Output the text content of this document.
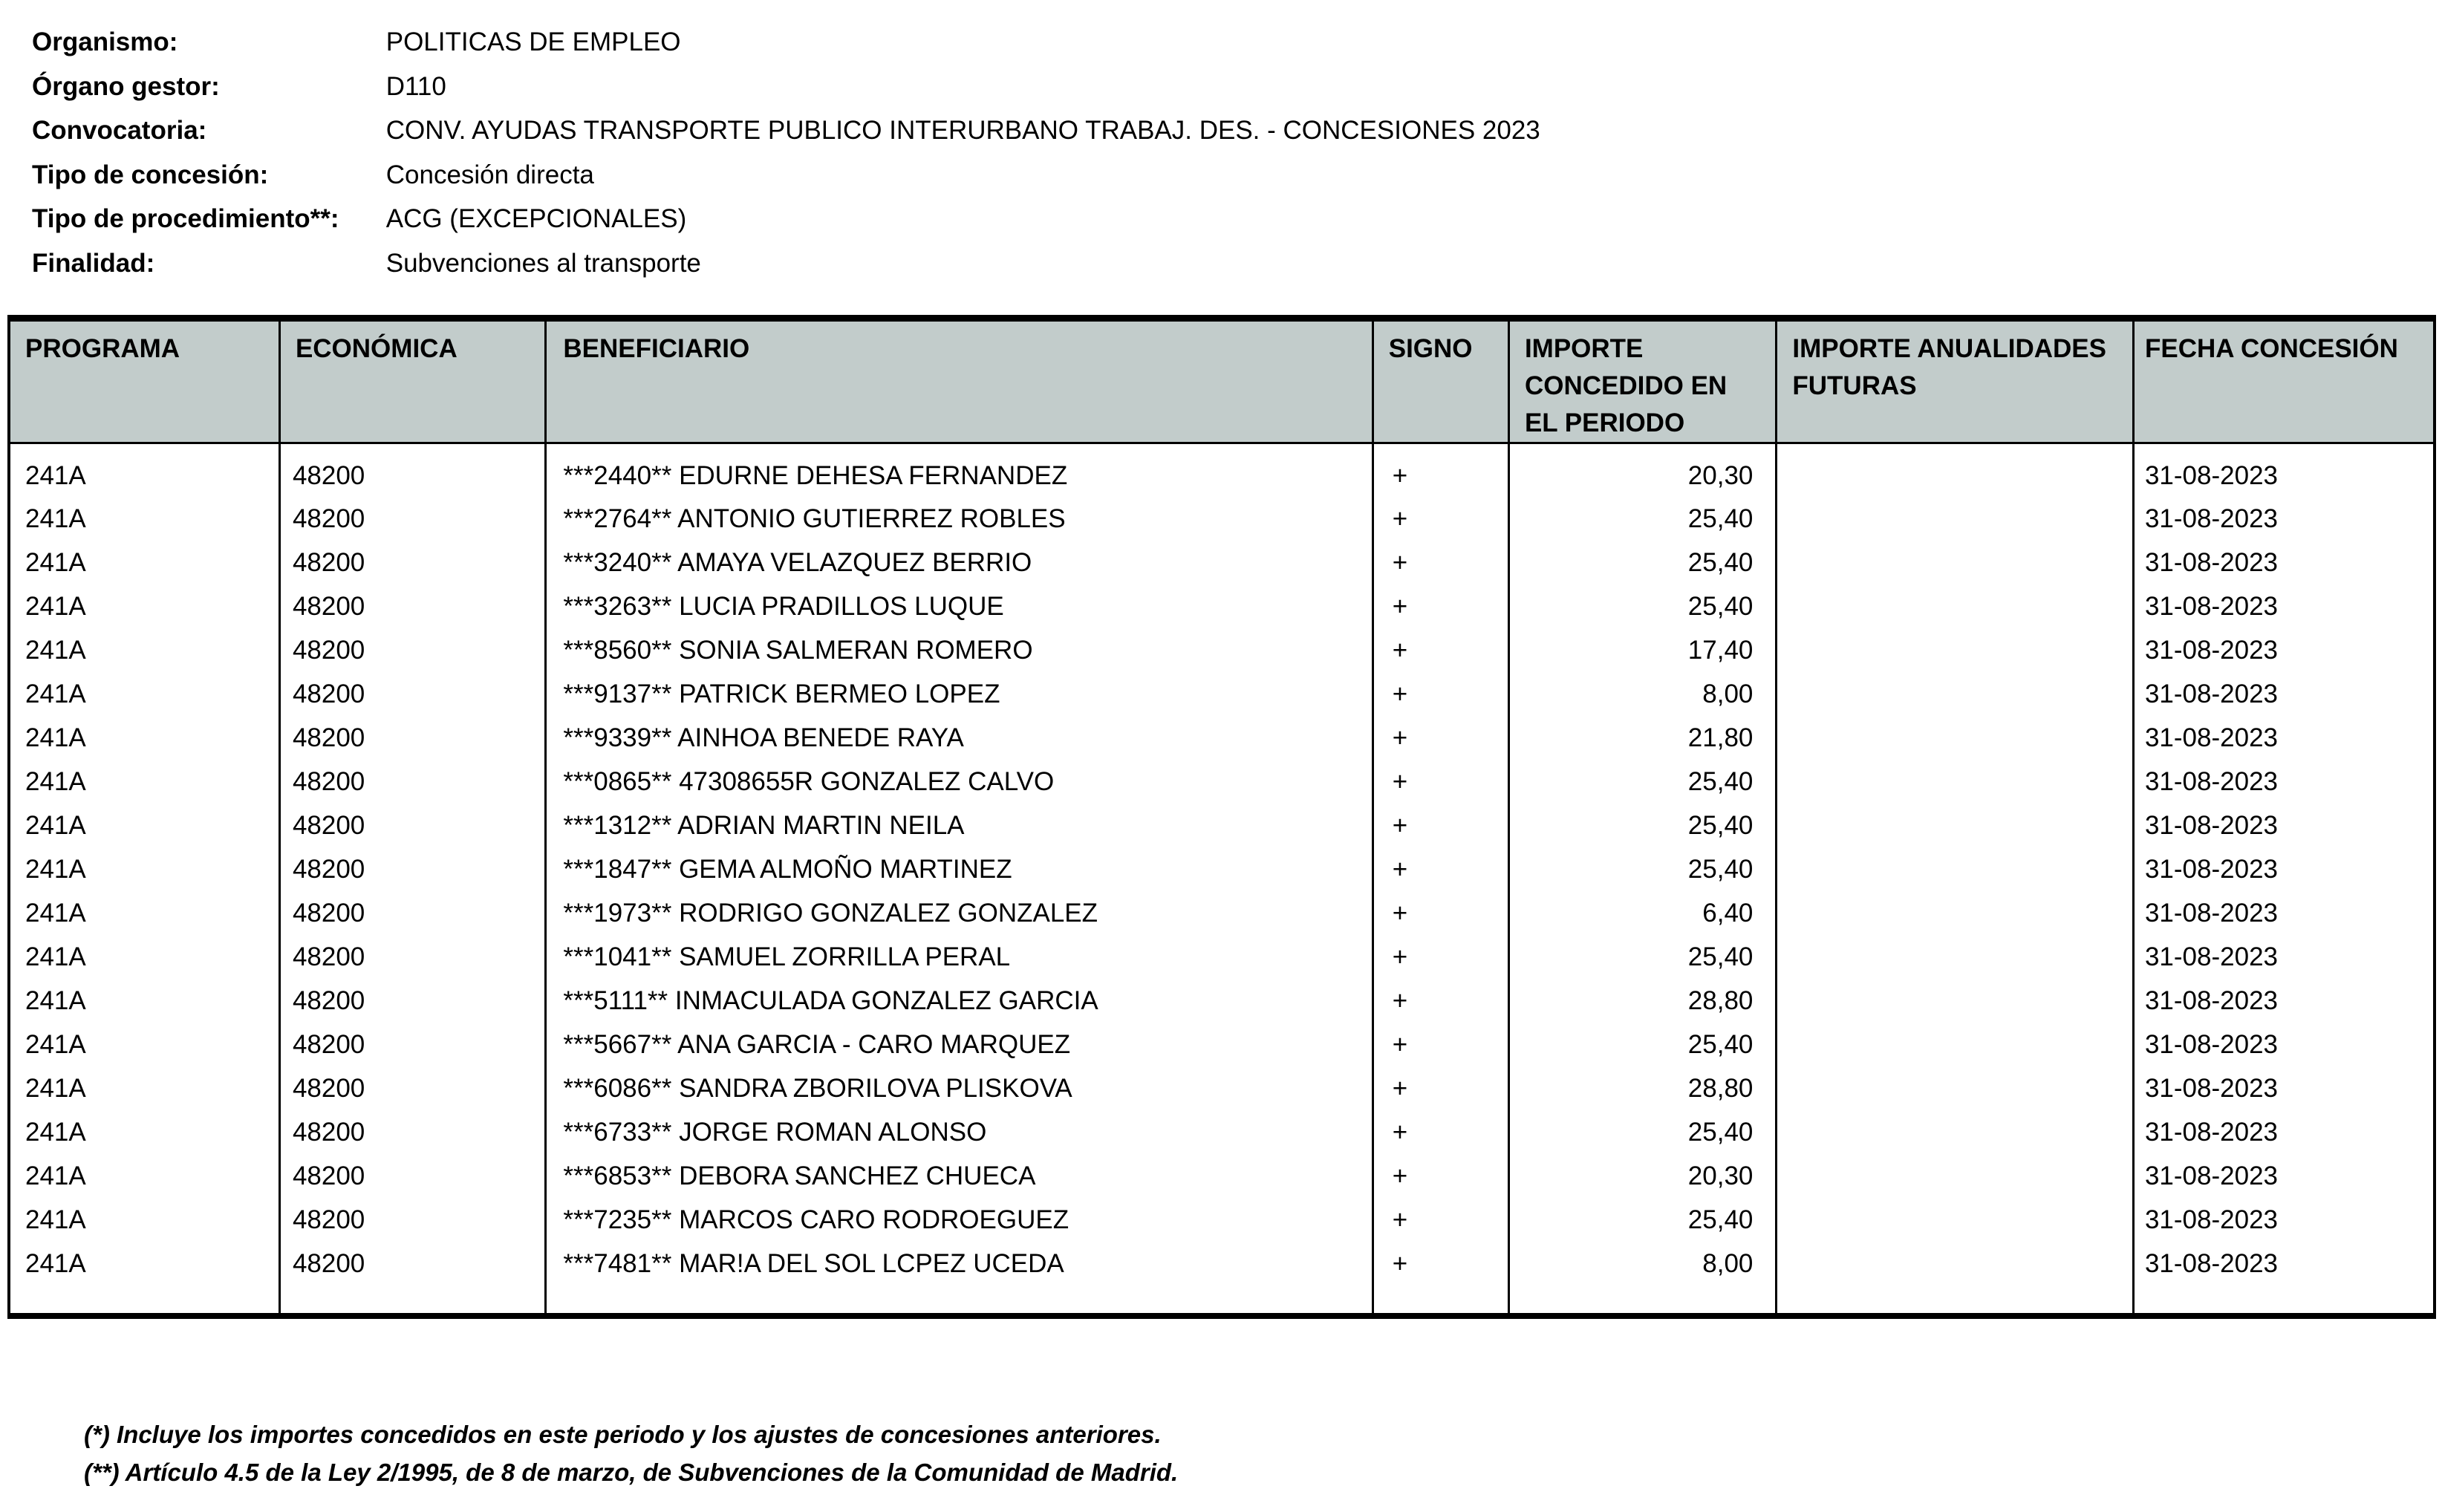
Organismo:	POLITICAS DE EMPLEO
Órgano gestor:	D110
Convocatoria:	CONV. AYUDAS TRANSPORTE PUBLICO INTERURBANO TRABAJ. DES. - CONCESIONES 2023
Tipo de concesión:	Concesión directa
Tipo de procedimiento**: ACG (EXCEPCIONALES)
Finalidad:	Subvenciones al transporte
PROGRAMA	ECONÓMICA	BENEFICIARIO	SIGNO	IMPORTE CONCEDIDO EN EL PERIODO	IMPORTE ANUALIDADES FUTURAS	FECHA CONCESIÓN
241A	48200	***2440** EDURNE DEHESA FERNANDEZ	+	20,30		31-08-2023
241A	48200	***2764** ANTONIO GUTIERREZ ROBLES	+	25,40		31-08-2023
241A	48200	***3240** AMAYA VELAZQUEZ BERRIO	+	25,40		31-08-2023
241A	48200	***3263** LUCIA PRADILLOS LUQUE	+	25,40		31-08-2023
241A	48200	***8560** SONIA SALMERAN ROMERO	+	17,40		31-08-2023
241A	48200	***9137** PATRICK BERMEO LOPEZ	+	8,00		31-08-2023
241A	48200	***9339** AINHOA BENEDE RAYA	+	21,80		31-08-2023
241A	48200	***0865** 47308655R GONZALEZ CALVO	+	25,40		31-08-2023
241A	48200	***1312** ADRIAN MARTIN NEILA	+	25,40		31-08-2023
241A	48200	***1847** GEMA ALMOÑO MARTINEZ	+	25,40		31-08-2023
241A	48200	***1973** RODRIGO GONZALEZ GONZALEZ	+	6,40		31-08-2023
241A	48200	***1041** SAMUEL ZORRILLA PERAL	+	25,40		31-08-2023
241A	48200	***5111** INMACULADA GONZALEZ GARCIA	+	28,80		31-08-2023
241A	48200	***5667** ANA GARCIA - CARO MARQUEZ	+	25,40		31-08-2023
241A	48200	***6086** SANDRA ZBORILOVA PLISKOVA	+	28,80		31-08-2023
241A	48200	***6733** JORGE ROMAN ALONSO	+	25,40		31-08-2023
241A	48200	***6853** DEBORA SANCHEZ CHUECA	+	20,30		31-08-2023
241A	48200	***7235** MARCOS CARO RODROEGUEZ	+	25,40		31-08-2023
241A	48200	***7481** MAR!A DEL SOL LCPEZ UCEDA	+	8,00		31-08-2023

(*) Incluye los importes concedidos en este periodo y los ajustes de concesiones anteriores.
(**) Artículo 4.5 de la Ley 2/1995, de 8 de marzo, de Subvenciones de la Comunidad de Madrid.
